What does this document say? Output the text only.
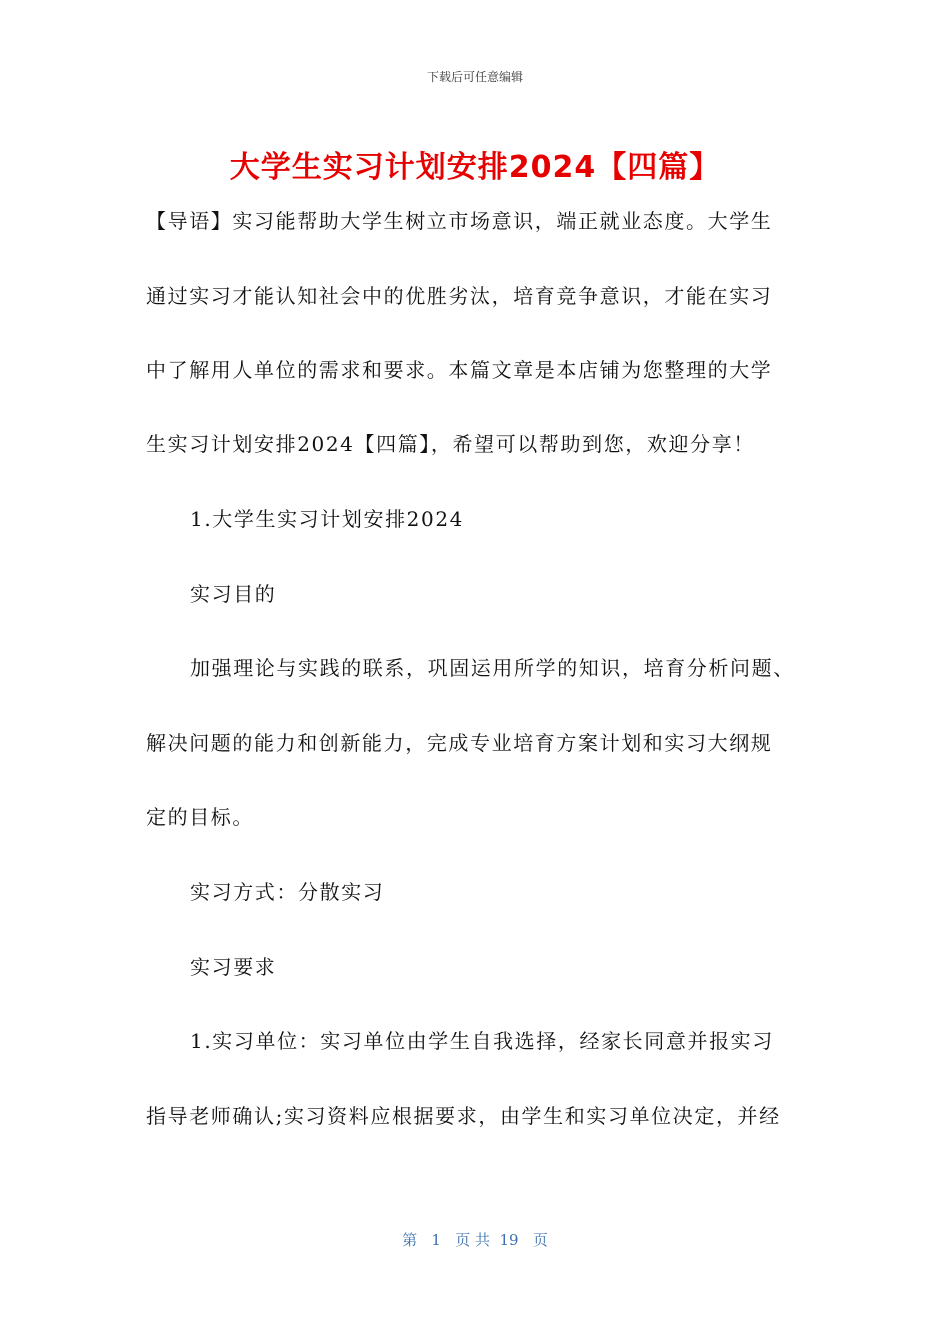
下载后可任意编辑
大学生实习计划安排2024【四篇】
【导语】实习能帮助大学生树立市场意识，端正就业态度。大学生
通过实习才能认知社会中的优胜劣汰，培育竞争意识，才能在实习
中了解用人单位的需求和要求。本篇文章是本店铺为您整理的大学
生实习计划安排2024【四篇】，希望可以帮助到您，欢迎分享！
1.大学生实习计划安排2024
实习目的
加强理论与实践的联系，巩固运用所学的知识，培育分析问题、
解决问题的能力和创新能力，完成专业培育方案计划和实习大纲规
定的目标。
实习方式：分散实习
实习要求
1.实习单位：实习单位由学生自我选择，经家长同意并报实习
指导老师确认;实习资料应根据要求，由学生和实习单位决定，并经
第   1   页 共  19   页
